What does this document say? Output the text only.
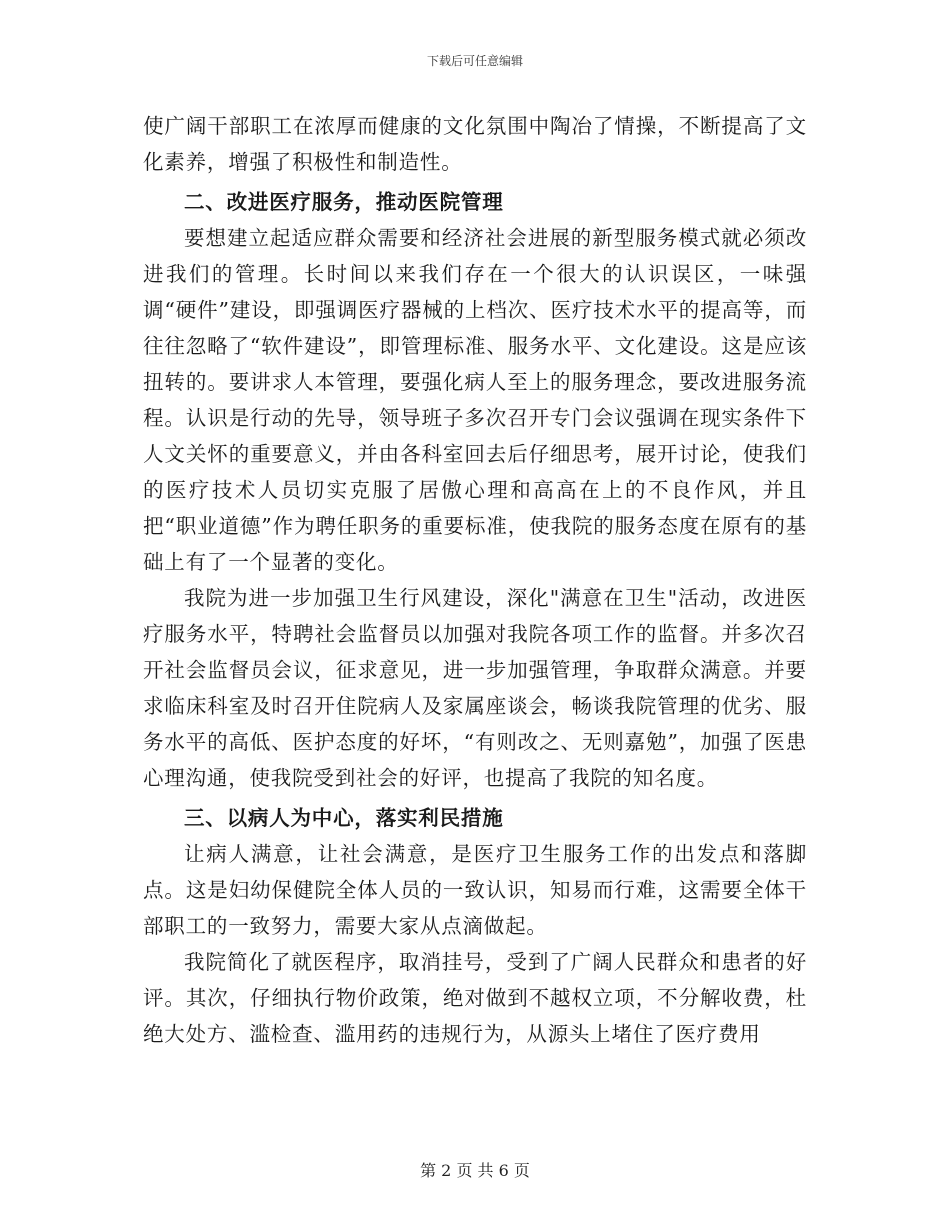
下载后可任意编辑

使广阔干部职工在浓厚而健康的文化氛围中陶冶了情操，不断提高了文化素养，增强了积极性和制造性。

二、改进医疗服务，推动医院管理

要想建立起适应群众需要和经济社会进展的新型服务模式就必须改进我们的管理。长时间以来我们存在一个很大的认识误区，一味强调“硬件”建设，即强调医疗器械的上档次、医疗技术水平的提高等，而往往忽略了“软件建设”，即管理标准、服务水平、文化建设。这是应该扭转的。要讲求人本管理，要强化病人至上的服务理念，要改进服务流程。认识是行动的先导，领导班子多次召开专门会议强调在现实条件下人文关怀的重要意义，并由各科室回去后仔细思考，展开讨论，使我们的医疗技术人员切实克服了居傲心理和高高在上的不良作风，并且把“职业道德”作为聘任职务的重要标准，使我院的服务态度在原有的基础上有了一个显著的变化。

我院为进一步加强卫生行风建设，深化"满意在卫生"活动，改进医疗服务水平，特聘社会监督员以加强对我院各项工作的监督。并多次召开社会监督员会议，征求意见，进一步加强管理，争取群众满意。并要求临床科室及时召开住院病人及家属座谈会，畅谈我院管理的优劣、服务水平的高低、医护态度的好坏，“有则改之、无则嘉勉”，加强了医患心理沟通，使我院受到社会的好评，也提高了我院的知名度。

三、以病人为中心，落实利民措施

让病人满意，让社会满意，是医疗卫生服务工作的出发点和落脚点。这是妇幼保健院全体人员的一致认识，知易而行难，这需要全体干部职工的一致努力，需要大家从点滴做起。

我院简化了就医程序，取消挂号，受到了广阔人民群众和患者的好评。其次，仔细执行物价政策，绝对做到不越权立项，不分解收费，杜绝大处方、滥检查、滥用药的违规行为，从源头上堵住了医疗费用

第 2 页 共 6 页
